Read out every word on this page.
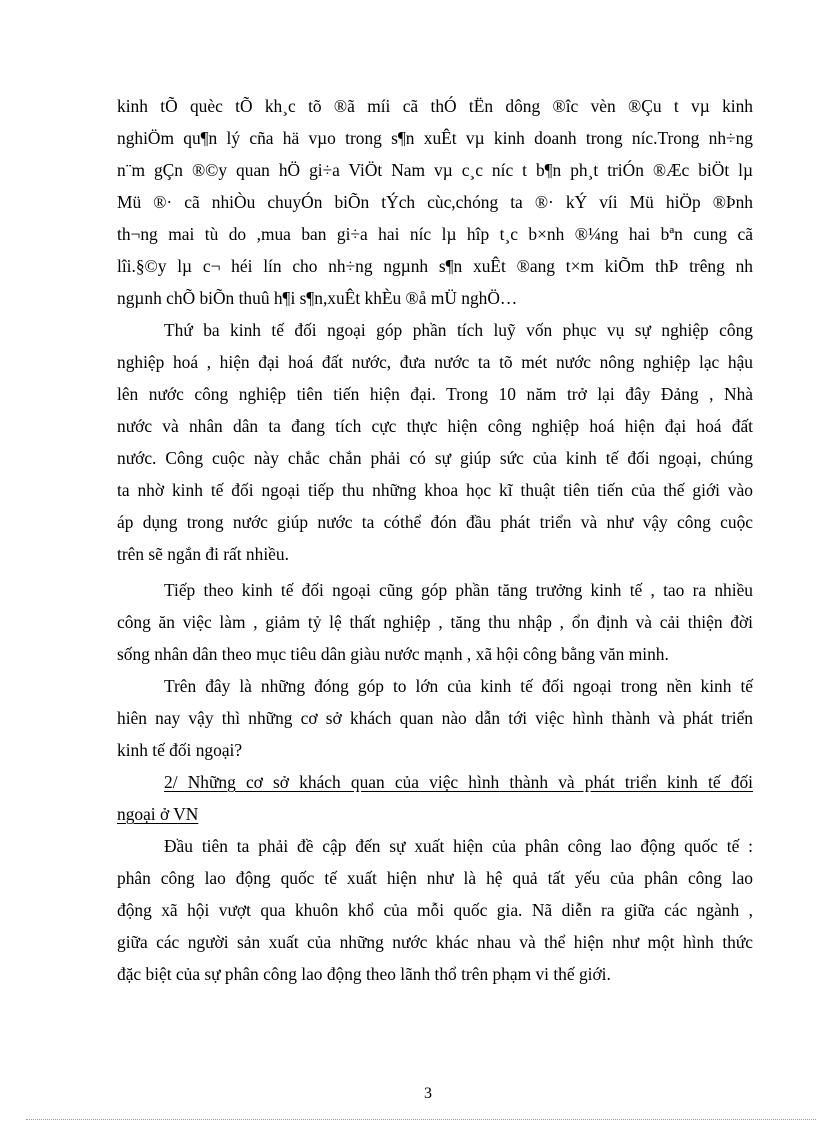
kinh tÕ quèc tÕ kh¸c tõ ®ã míi cã thÓ tËn dông ®îc vèn ®Çu t vµ kinh
nghiÖm qu¶n lý cña hä vµo trong s¶n xuÊt vµ kinh doanh trong níc.Trong nh÷ng
n¨m gÇn ®©y quan hÖ gi÷a ViÖt Nam vµ c¸c níc t b¶n ph¸t triÓn ®Æc biÖt lµ
Mü ®· cã nhiÒu chuyÓn biÕn tÝch cùc,chóng ta ®· kÝ víi Mü hiÖp ®Þnh
th¬ng mai tù do ,mua ban gi÷a hai níc lµ hîp t¸c b×nh ®¼ng hai bªn cung cã
lîi.§©y lµ c¬ héi lín cho nh÷ng ngµnh s¶n xuÊt ®ang t×m kiÕm thÞ trêng nh
ngµnh chÕ biÕn thuû h¶i s¶n,xuÊt khÈu ®å mÜ nghÖ…
Thứ ba kinh tế đối ngoại góp phần tích luỹ vốn phục vụ sự nghiệp công
nghiệp hoá , hiện đại hoá đất nước, đưa nước ta tõ mét nước nông nghiệp lạc hậu
lên nước công nghiệp tiên tiến hiện đại. Trong 10 năm trở lại đây Đảng , Nhà
nước và nhân dân ta đang tích cực thực hiện công nghiệp hoá hiện đại hoá đất
nước. Công cuộc này chắc chắn phải có sự giúp sức của kinh tế đối ngoại, chúng
ta nhờ kinh tế đối ngoại tiếp thu những khoa học kĩ thuật tiên tiến của thế giới vào
áp dụng trong nước giúp nước ta cóthể đón đầu phát triển và như vậy công cuộc
trên sẽ ngắn đi rất nhiều.
Tiếp theo kinh tế đối ngoại cũng góp phần tăng trưởng kinh tế , tao ra nhiều
công ăn việc làm , giảm tỷ lệ thất nghiệp , tăng thu nhập , ổn định và cải thiện đời
sống nhân dân theo mục tiêu dân giàu nước mạnh , xã hội công bằng văn minh.
Trên đây là những đóng góp to lớn của kinh tế đối ngoại trong nền kinh tế
hiên nay vậy thì những cơ sở khách quan nào dẫn tới việc hình thành và phát triển
kinh tế đối ngoại?
2/ Những cơ sở khách quan của việc hình thành và phát triển kinh tế đối
ngoại ở VN
Đầu tiên ta phải đề cập đến sự xuất hiện của phân công lao động quốc tế :
phân công lao động quốc tế xuất hiện như là hệ quả tất yếu của phân công lao
động xã hội vượt qua khuôn khổ của mỗi quốc gia. Nã diễn ra giữa các ngành ,
giữa các người sản xuất của những nước khác nhau và thể hiện như một hình thức
đặc biệt của sự phân công lao động theo lãnh thổ trên phạm vi thế giới.
3
